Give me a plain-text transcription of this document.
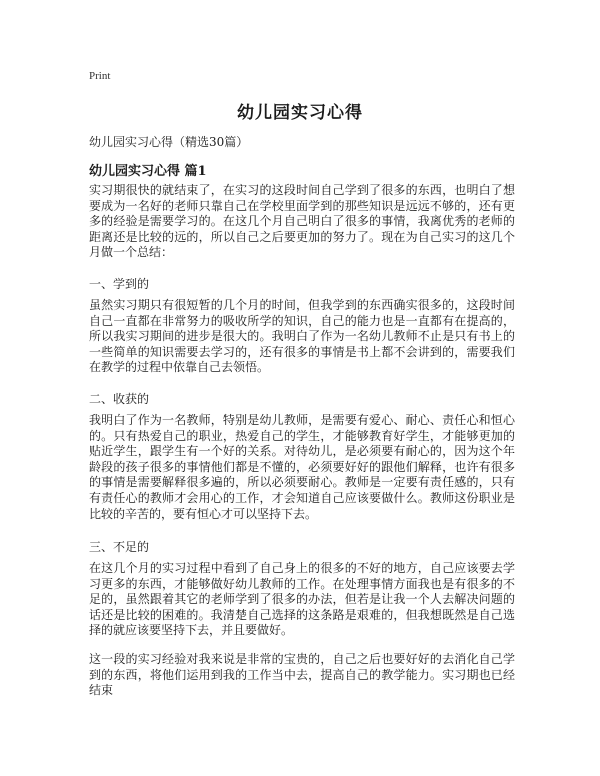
Print
幼儿园实习心得
幼儿园实习心得（精选30篇）
幼儿园实习心得 篇1

实习期很快的就结束了，在实习的这段时间自己学到了很多的东西，也明白了想要成为一名好的老师只靠自己在学校里面学到的那些知识是远远不够的，还有更多的经验是需要学习的。在这几个月自己明白了很多的事情，我离优秀的老师的距离还是比较的远的，所以自己之后要更加的努力了。现在为自己实习的这几个月做一个总结：

一、学到的

虽然实习期只有很短暂的几个月的时间，但我学到的东西确实很多的，这段时间自己一直都在非常努力的吸收所学的知识，自己的能力也是一直都有在提高的，所以我实习期间的进步是很大的。我明白了作为一名幼儿教师不止是只有书上的一些简单的知识需要去学习的，还有很多的事情是书上都不会讲到的，需要我们在教学的过程中依靠自己去领悟。

二、收获的

我明白了作为一名教师，特别是幼儿教师，是需要有爱心、耐心、责任心和恒心的。只有热爱自己的职业，热爱自己的学生，才能够教育好学生，才能够更加的贴近学生，跟学生有一个好的关系。对待幼儿，是必须要有耐心的，因为这个年龄段的孩子很多的事情他们都是不懂的，必须要好好的跟他们解释，也许有很多的事情是需要解释很多遍的，所以必须要耐心。教师是一定要有责任感的，只有有责任心的教师才会用心的工作，才会知道自己应该要做什么。教师这份职业是比较的辛苦的，要有恒心才可以坚持下去。

三、不足的

在这几个月的实习过程中看到了自己身上的很多的不好的地方，自己应该要去学习更多的东西，才能够做好幼儿教师的工作。在处理事情方面我也是有很多的不足的，虽然跟着其它的老师学到了很多的办法，但若是让我一个人去解决问题的话还是比较的困难的。我清楚自己选择的这条路是艰难的，但我想既然是自己选择的就应该要坚持下去，并且要做好。

这一段的实习经验对我来说是非常的宝贵的，自己之后也要好好的去消化自己学到的东西，将他们运用到我的工作当中去，提高自己的教学能力。实习期也已经结束
